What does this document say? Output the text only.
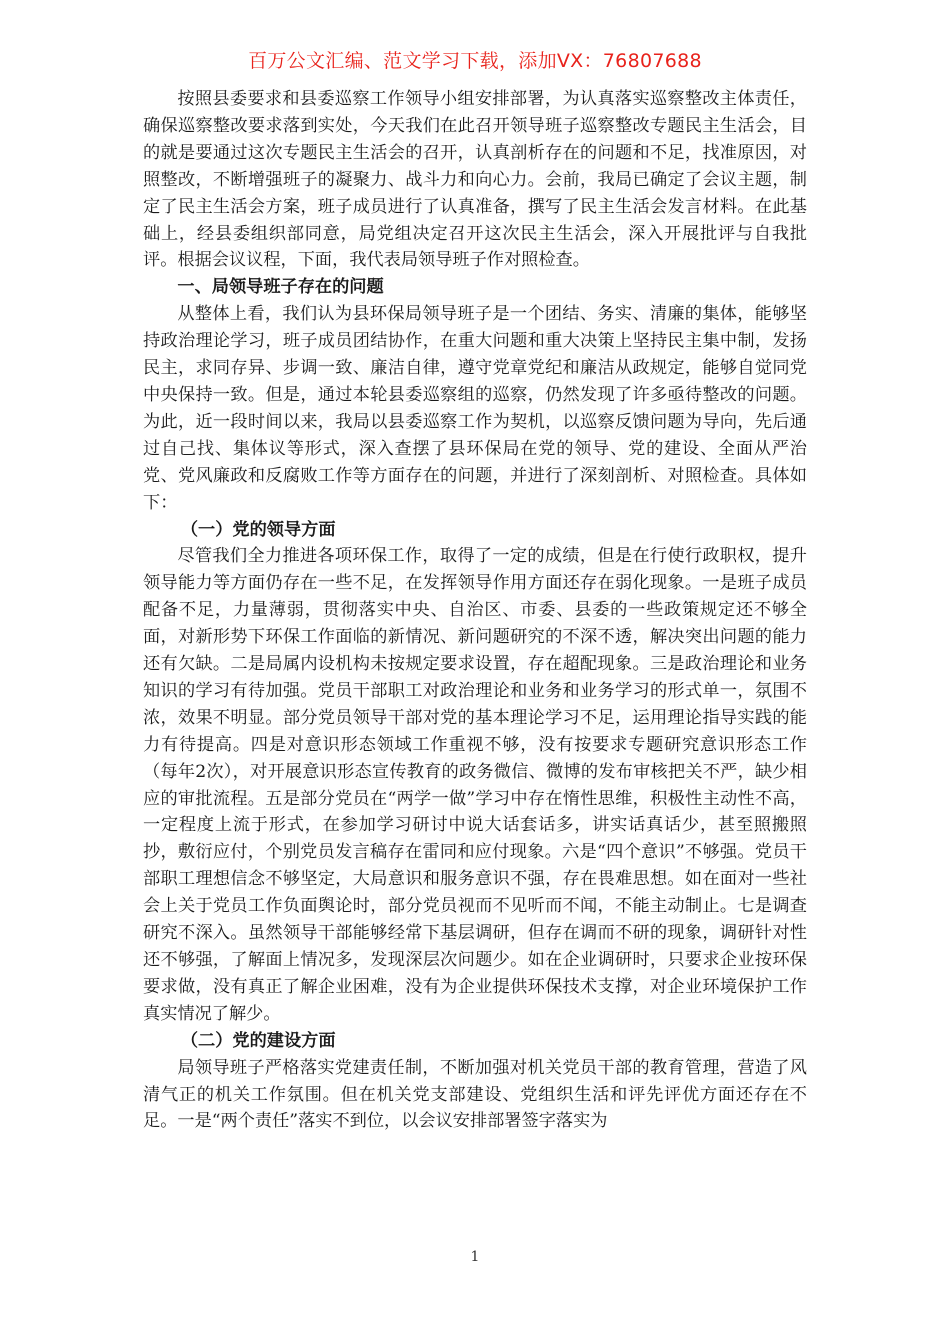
百万公文汇编、范文学习下载，添加VX：76807688

按照县委要求和县委巡察工作领导小组安排部署，为认真落实巡察整改主体责任，确保巡察整改要求落到实处，今天我们在此召开领导班子巡察整改专题民主生活会，目的就是要通过这次专题民主生活会的召开，认真剖析存在的问题和不足，找准原因，对照整改，不断增强班子的凝聚力、战斗力和向心力。会前，我局已确定了会议主题，制定了民主生活会方案，班子成员进行了认真准备，撰写了民主生活会发言材料。在此基础上，经县委组织部同意，局党组决定召开这次民主生活会，深入开展批评与自我批评。根据会议议程，下面，我代表局领导班子作对照检查。

一、局领导班子存在的问题

从整体上看，我们认为县环保局领导班子是一个团结、务实、清廉的集体，能够坚持政治理论学习，班子成员团结协作，在重大问题和重大决策上坚持民主集中制，发扬民主，求同存异、步调一致、廉洁自律，遵守党章党纪和廉洁从政规定，能够自觉同党中央保持一致。但是，通过本轮县委巡察组的巡察，仍然发现了许多亟待整改的问题。为此，近一段时间以来，我局以县委巡察工作为契机，以巡察反馈问题为导向，先后通过自己找、集体议等形式，深入查摆了县环保局在党的领导、党的建设、全面从严治党、党风廉政和反腐败工作等方面存在的问题，并进行了深刻剖析、对照检查。具体如下：

（一）党的领导方面

尽管我们全力推进各项环保工作，取得了一定的成绩，但是在行使行政职权，提升领导能力等方面仍存在一些不足，在发挥领导作用方面还存在弱化现象。一是班子成员配备不足，力量薄弱，贯彻落实中央、自治区、市委、县委的一些政策规定还不够全面，对新形势下环保工作面临的新情况、新问题研究的不深不透，解决突出问题的能力还有欠缺。二是局属内设机构未按规定要求设置，存在超配现象。三是政治理论和业务知识的学习有待加强。党员干部职工对政治理论和业务和业务学习的形式单一，氛围不浓，效果不明显。部分党员领导干部对党的基本理论学习不足，运用理论指导实践的能力有待提高。四是对意识形态领域工作重视不够，没有按要求专题研究意识形态工作（每年2次），对开展意识形态宣传教育的政务微信、微博的发布审核把关不严，缺少相应的审批流程。五是部分党员在“两学一做”学习中存在惰性思维，积极性主动性不高，一定程度上流于形式，在参加学习研讨中说大话套话多，讲实话真话少，甚至照搬照抄，敷衍应付，个别党员发言稿存在雷同和应付现象。六是“四个意识”不够强。党员干部职工理想信念不够坚定，大局意识和服务意识不强，存在畏难思想。如在面对一些社会上关于党员工作负面舆论时，部分党员视而不见听而不闻，不能主动制止。七是调查研究不深入。虽然领导干部能够经常下基层调研，但存在调而不研的现象，调研针对性还不够强，了解面上情况多，发现深层次问题少。如在企业调研时，只要求企业按环保要求做，没有真正了解企业困难，没有为企业提供环保技术支撑，对企业环境保护工作真实情况了解少。

（二）党的建设方面

局领导班子严格落实党建责任制，不断加强对机关党员干部的教育管理，营造了风清气正的机关工作氛围。但在机关党支部建设、党组织生活和评先评优方面还存在不足。一是“两个责任”落实不到位，以会议安排部署签字落实为

1
